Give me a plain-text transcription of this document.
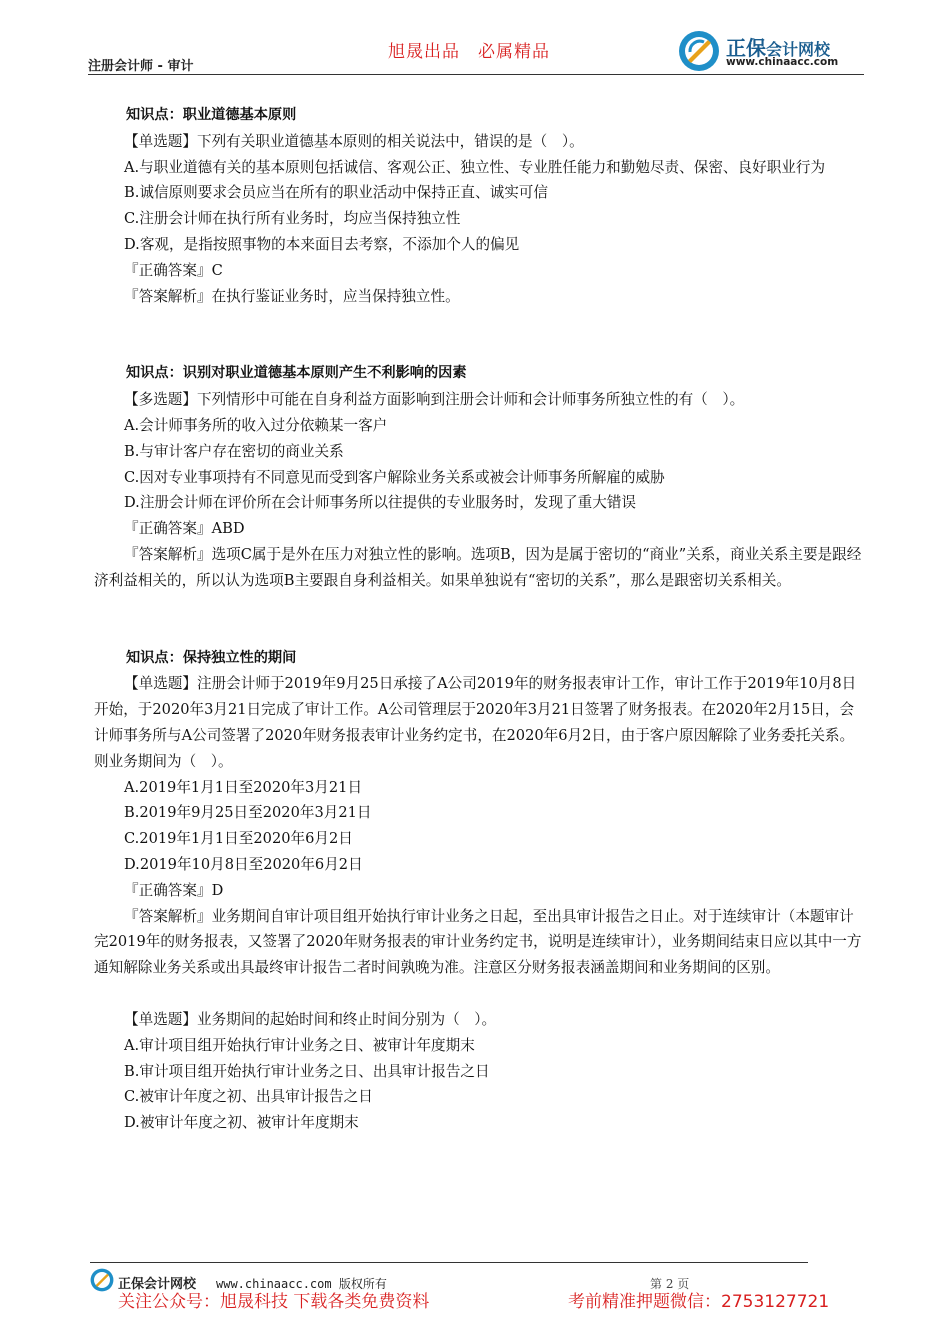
注册会计师 - 审计
旭晟出品 必属精品	正保会计网校
www.chinaacc.com

知识点：职业道德基本原则

【单选题】下列有关职业道德基本原则的相关说法中，错误的是（　）。

A.与职业道德有关的基本原则包括诚信、客观公正、独立性、专业胜任能力和勤勉尽责、保密、良好职业行为

B.诚信原则要求会员应当在所有的职业活动中保持正直、诚实可信

C.注册会计师在执行所有业务时，均应当保持独立性

D.客观，是指按照事物的本来面目去考察，不添加个人的偏见

『正确答案』C

『答案解析』在执行鉴证业务时，应当保持独立性。

知识点：识别对职业道德基本原则产生不利影响的因素

【多选题】下列情形中可能在自身利益方面影响到注册会计师和会计师事务所独立性的有（　）。

A.会计师事务所的收入过分依赖某一客户

B.与审计客户存在密切的商业关系

C.因对专业事项持有不同意见而受到客户解除业务关系或被会计师事务所解雇的威胁

D.注册会计师在评价所在会计师事务所以往提供的专业服务时，发现了重大错误

『正确答案』ABD

『答案解析』选项C属于是外在压力对独立性的影响。选项B，因为是属于密切的“商业”关系，商业关系主要是跟经济利益相关的，所以认为选项B主要跟自身利益相关。如果单独说有“密切的关系”，那么是跟密切关系相关。

知识点：保持独立性的期间

【单选题】注册会计师于2019年9月25日承接了A公司2019年的财务报表审计工作，审计工作于2019年10月8日开始，于2020年3月21日完成了审计工作。A公司管理层于2020年3月21日签署了财务报表。在2020年2月15日，会计师事务所与A公司签署了2020年财务报表审计业务约定书，在2020年6月2日，由于客户原因解除了业务委托关系。则业务期间为（　）。

A.2019年1月1日至2020年3月21日

B.2019年9月25日至2020年3月21日

C.2019年1月1日至2020年6月2日

D.2019年10月8日至2020年6月2日

『正确答案』D

『答案解析』业务期间自审计项目组开始执行审计业务之日起，至出具审计报告之日止。对于连续审计（本题审计完2019年的财务报表，又签署了2020年财务报表的审计业务约定书，说明是连续审计），业务期间结束日应以其中一方通知解除业务关系或出具最终审计报告二者时间孰晚为准。注意区分财务报表涵盖期间和业务期间的区别。

【单选题】业务期间的起始时间和终止时间分别为（　）。

A.审计项目组开始执行审计业务之日、被审计年度期末

B.审计项目组开始执行审计业务之日、出具审计报告之日

C.被审计年度之初、出具审计报告之日

D.被审计年度之初、被审计年度期末

正保会计网校 www.chinaacc.com 版权所有	第 2 页
关注公众号：旭晟科技 下载各类免费资料	考前精准押题微信：2753127721
